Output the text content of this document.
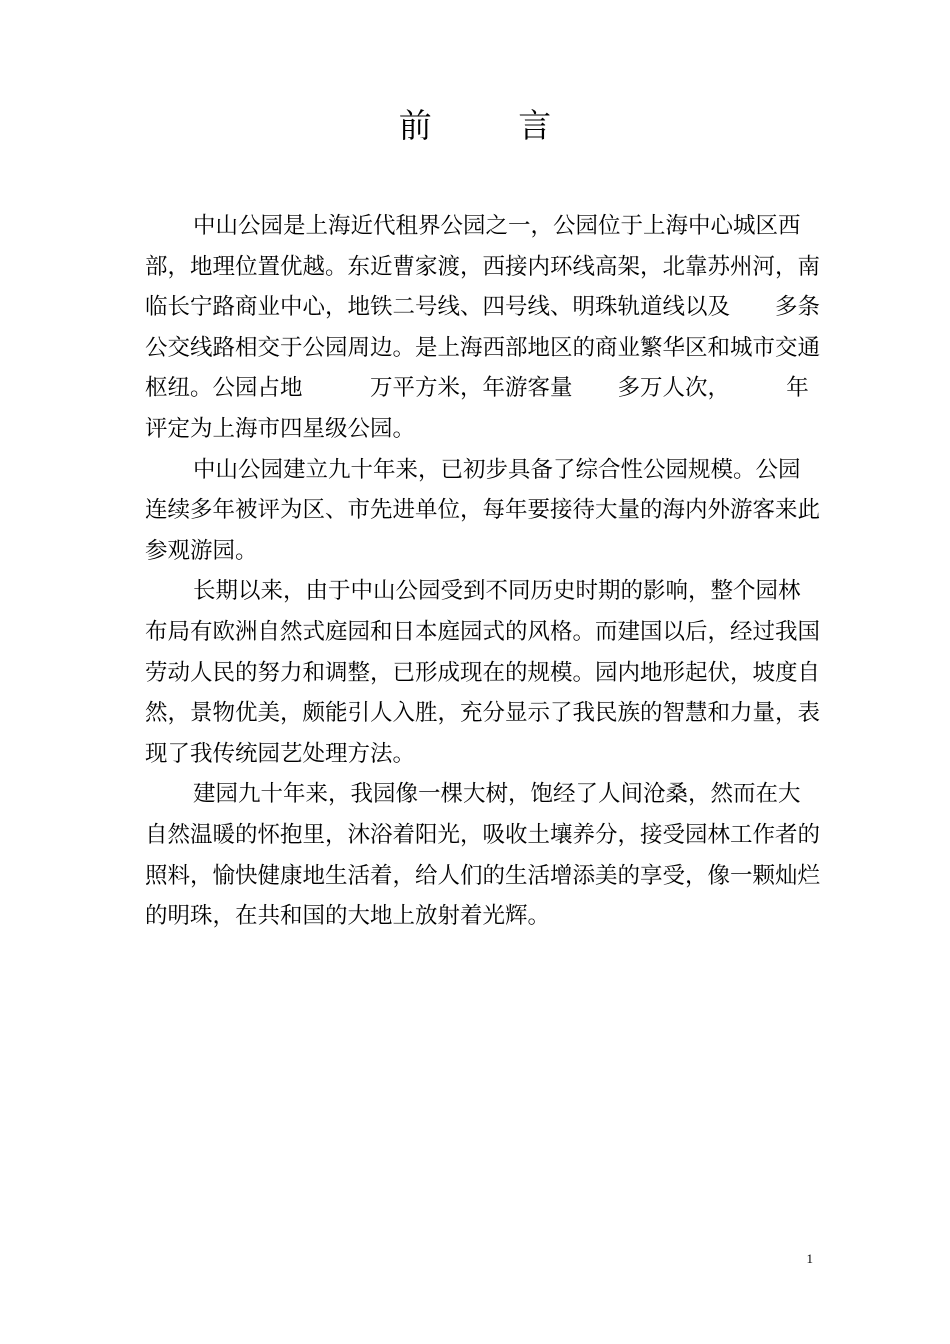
前 言
中山公园是上海近代租界公园之一，公园位于上海中心城区西
部，地理位置优越。东近曹家渡，西接内环线高架，北靠苏州河，南
临长宁路商业中心，地铁二号线、四号线、明珠轨道线以及　　多条
公交线路相交于公园周边。是上海西部地区的商业繁华区和城市交通
枢纽。公园占地　　　万平方米，年游客量　　多万人次，　　　年
评定为上海市四星级公园。
中山公园建立九十年来，已初步具备了综合性公园规模。公园
连续多年被评为区、市先进单位，每年要接待大量的海内外游客来此
参观游园。
长期以来，由于中山公园受到不同历史时期的影响，整个园林
布局有欧洲自然式庭园和日本庭园式的风格。而建国以后，经过我国
劳动人民的努力和调整，已形成现在的规模。园内地形起伏，坡度自
然，景物优美，颇能引人入胜，充分显示了我民族的智慧和力量，表
现了我传统园艺处理方法。
建园九十年来，我园像一棵大树，饱经了人间沧桑，然而在大
自然温暖的怀抱里，沐浴着阳光，吸收土壤养分，接受园林工作者的
照料，愉快健康地生活着，给人们的生活增添美的享受，像一颗灿烂
的明珠，在共和国的大地上放射着光辉。
1
